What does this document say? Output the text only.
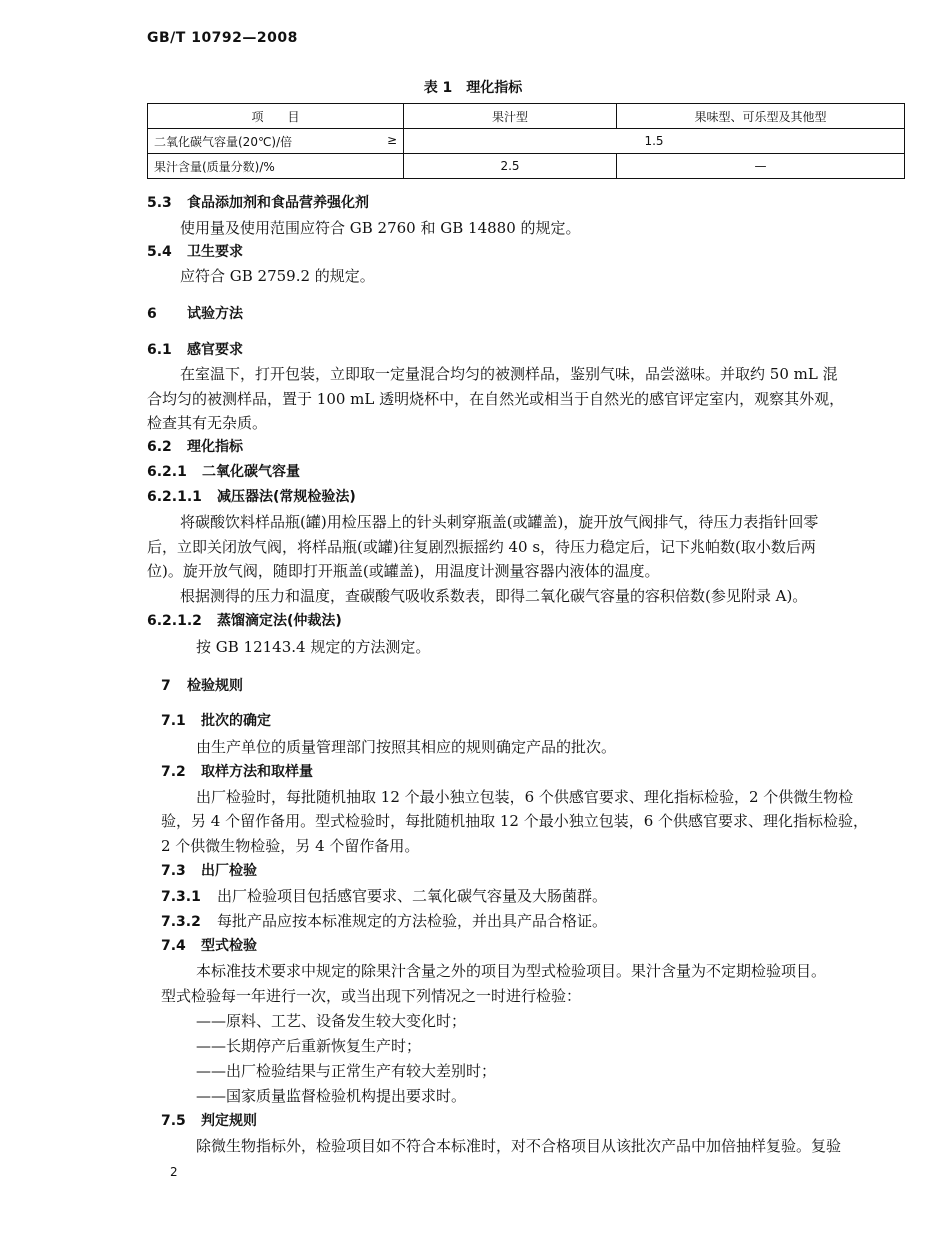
GB/T 10792—2008
表 1　理化指标
项　　目	果汁型	果味型、可乐型及其他型
二氧化碳气容量(20℃)/倍 ≥	1.5	
果汁含量(质量分数)/%	2.5	—
5.3 食品添加剂和食品营养强化剂
使用量及使用范围应符合 GB 2760 和 GB 14880 的规定。
5.4 卫生要求
应符合 GB 2759.2 的规定。
6 试验方法
6.1 感官要求
在室温下，打开包装，立即取一定量混合均匀的被测样品，鉴别气味，品尝滋味。并取约 50 mL 混
合均匀的被测样品，置于 100 mL 透明烧杯中，在自然光或相当于自然光的感官评定室内，观察其外观，
检查其有无杂质。
6.2 理化指标
6.2.1 二氧化碳气容量
6.2.1.1 减压器法(常规检验法)
将碳酸饮料样品瓶(罐)用检压器上的针头刺穿瓶盖(或罐盖)，旋开放气阀排气，待压力表指针回零
后，立即关闭放气阀，将样品瓶(或罐)往复剧烈振摇约 40 s，待压力稳定后，记下兆帕数(取小数后两
位)。旋开放气阀，随即打开瓶盖(或罐盖)，用温度计测量容器内液体的温度。
根据测得的压力和温度，查碳酸气吸收系数表，即得二氧化碳气容量的容积倍数(参见附录 A)。
6.2.1.2 蒸馏滴定法(仲裁法)
按 GB 12143.4 规定的方法测定。
7 检验规则
7.1 批次的确定
由生产单位的质量管理部门按照其相应的规则确定产品的批次。
7.2 取样方法和取样量
出厂检验时，每批随机抽取 12 个最小独立包装，6 个供感官要求、理化指标检验，2 个供微生物检
验，另 4 个留作备用。型式检验时，每批随机抽取 12 个最小独立包装，6 个供感官要求、理化指标检验，
2 个供微生物检验，另 4 个留作备用。
7.3 出厂检验
7.3.1 出厂检验项目包括感官要求、二氧化碳气容量及大肠菌群。
7.3.2 每批产品应按本标准规定的方法检验，并出具产品合格证。
7.4 型式检验
本标准技术要求中规定的除果汁含量之外的项目为型式检验项目。果汁含量为不定期检验项目。
型式检验每一年进行一次，或当出现下列情况之一时进行检验：
——原料、工艺、设备发生较大变化时；
——长期停产后重新恢复生产时；
——出厂检验结果与正常生产有较大差别时；
——国家质量监督检验机构提出要求时。
7.5 判定规则
除微生物指标外，检验项目如不符合本标准时，对不合格项目从该批次产品中加倍抽样复验。复验
2
